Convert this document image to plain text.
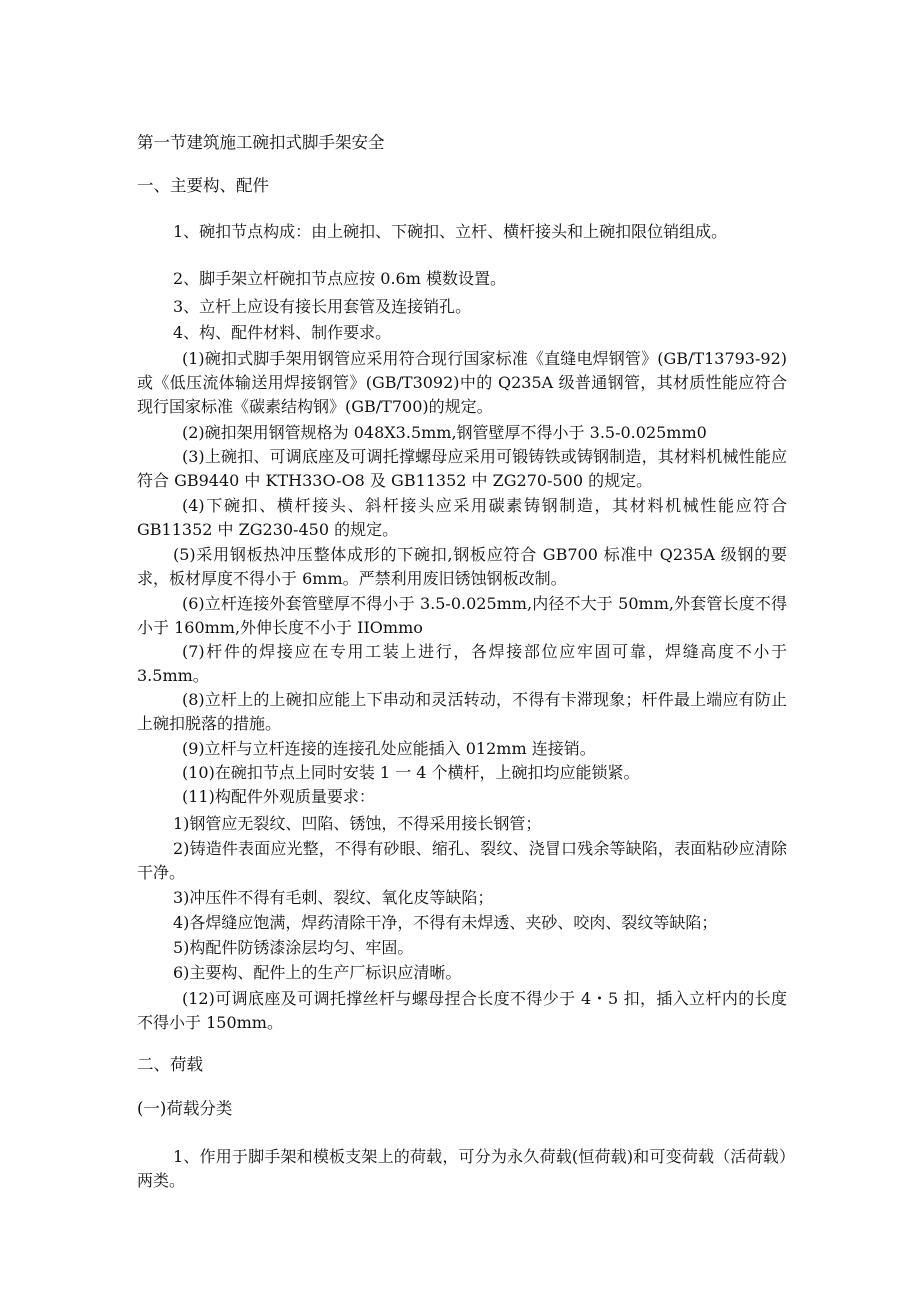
第一节建筑施工碗扣式脚手架安全

一、主要构、配件

1、碗扣节点构成：由上碗扣、下碗扣、立杆、横杆接头和上碗扣限位销组成。

2、脚手架立杆碗扣节点应按 0.6m 模数设置。

3、立杆上应设有接长用套管及连接销孔。

4、构、配件材料、制作要求。

(1)碗扣式脚手架用钢管应采用符合现行国家标准《直缝电焊钢管》(GB/T13793-92)或《低压流体输送用焊接钢管》(GB/T3092)中的 Q235A 级普通钢管，其材质性能应符合现行国家标准《碳素结构钢》(GB/T700)的规定。

(2)碗扣架用钢管规格为 048X3.5mm,钢管壁厚不得小于 3.5-0.025mm0

(3)上碗扣、可调底座及可调托撑螺母应采用可锻铸铁或铸钢制造，其材料机械性能应符合 GB9440 中 KTH33O-O8 及 GB11352 中 ZG270-500 的规定。

(4)下碗扣、横杆接头、斜杆接头应采用碳素铸钢制造，其材料机械性能应符合 GB11352 中 ZG230-450 的规定。

(5)采用钢板热冲压整体成形的下碗扣,钢板应符合 GB700 标准中 Q235A 级钢的要求，板材厚度不得小于 6mm。严禁利用废旧锈蚀钢板改制。

(6)立杆连接外套管壁厚不得小于 3.5-0.025mm,内径不大于 50mm,外套管长度不得小于 160mm,外伸长度不小于 IIOmmo

(7)杆件的焊接应在专用工装上进行，各焊接部位应牢固可靠，焊缝高度不小于 3.5mm。

(8)立杆上的上碗扣应能上下串动和灵活转动，不得有卡滞现象；杆件最上端应有防止上碗扣脱落的措施。

(9)立杆与立杆连接的连接孔处应能插入 012mm 连接销。

(10)在碗扣节点上同时安装 1 一 4 个横杆，上碗扣均应能锁紧。

(11)构配件外观质量要求：

1)钢管应无裂纹、凹陷、锈蚀，不得采用接长钢管；

2)铸造件表面应光整，不得有砂眼、缩孔、裂纹、浇冒口残余等缺陷，表面粘砂应清除干净。

3)冲压件不得有毛刺、裂纹、氧化皮等缺陷；

4)各焊缝应饱满，焊药清除干净，不得有未焊透、夹砂、咬肉、裂纹等缺陷；

5)构配件防锈漆涂层均匀、牢固。

6)主要构、配件上的生产厂标识应清晰。

(12)可调底座及可调托撑丝杆与螺母捏合长度不得少于 4・5 扣，插入立杆内的长度不得小于 150mm。

二、荷载

(一)荷载分类

1、作用于脚手架和模板支架上的荷载，可分为永久荷载(恒荷载)和可变荷载（活荷载）两类。
